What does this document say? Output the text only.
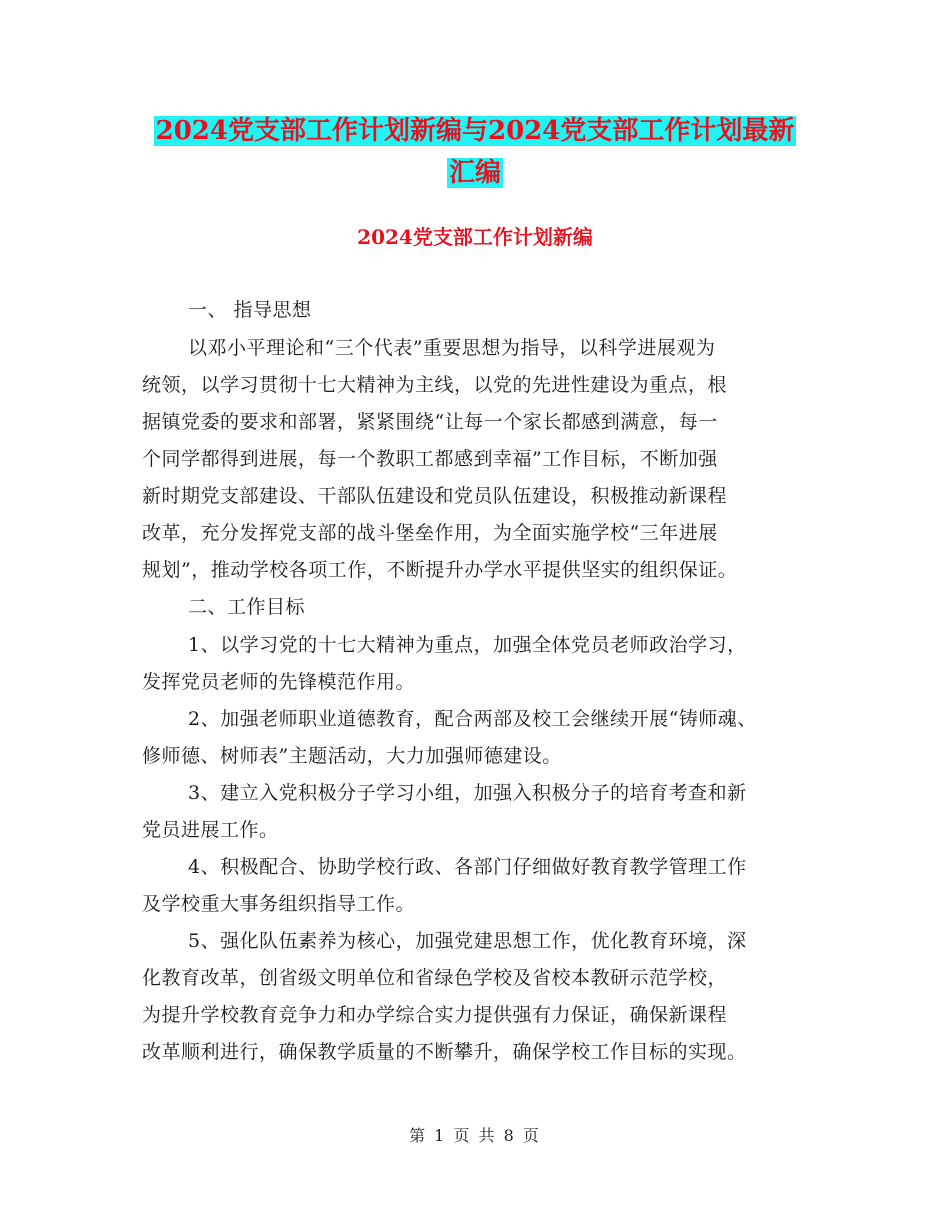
2024党支部工作计划新编与2024党支部工作计划最新
汇编
2024党支部工作计划新编
一、 指导思想
以邓小平理论和“三个代表”重要思想为指导，以科学进展观为
统领，以学习贯彻十七大精神为主线，以党的先进性建设为重点，根
据镇党委的要求和部署，紧紧围绕“让每一个家长都感到满意，每一
个同学都得到进展，每一个教职工都感到幸福”工作目标，不断加强
新时期党支部建设、干部队伍建设和党员队伍建设，积极推动新课程
改革，充分发挥党支部的战斗堡垒作用，为全面实施学校“三年进展
规划”，推动学校各项工作，不断提升办学水平提供坚实的组织保证。
二、工作目标
1、以学习党的十七大精神为重点，加强全体党员老师政治学习，
发挥党员老师的先锋模范作用。
2、加强老师职业道德教育，配合两部及校工会继续开展“铸师魂、
修师德、树师表”主题活动，大力加强师德建设。
3、建立入党积极分子学习小组，加强入积极分子的培育考查和新
党员进展工作。
4、积极配合、协助学校行政、各部门仔细做好教育教学管理工作
及学校重大事务组织指导工作。
5、强化队伍素养为核心，加强党建思想工作，优化教育环境，深
化教育改革，创省级文明单位和省绿色学校及省校本教研示范学校，
为提升学校教育竞争力和办学综合实力提供强有力保证，确保新课程
改革顺利进行，确保教学质量的不断攀升，确保学校工作目标的实现。
第 1 页 共 8 页
